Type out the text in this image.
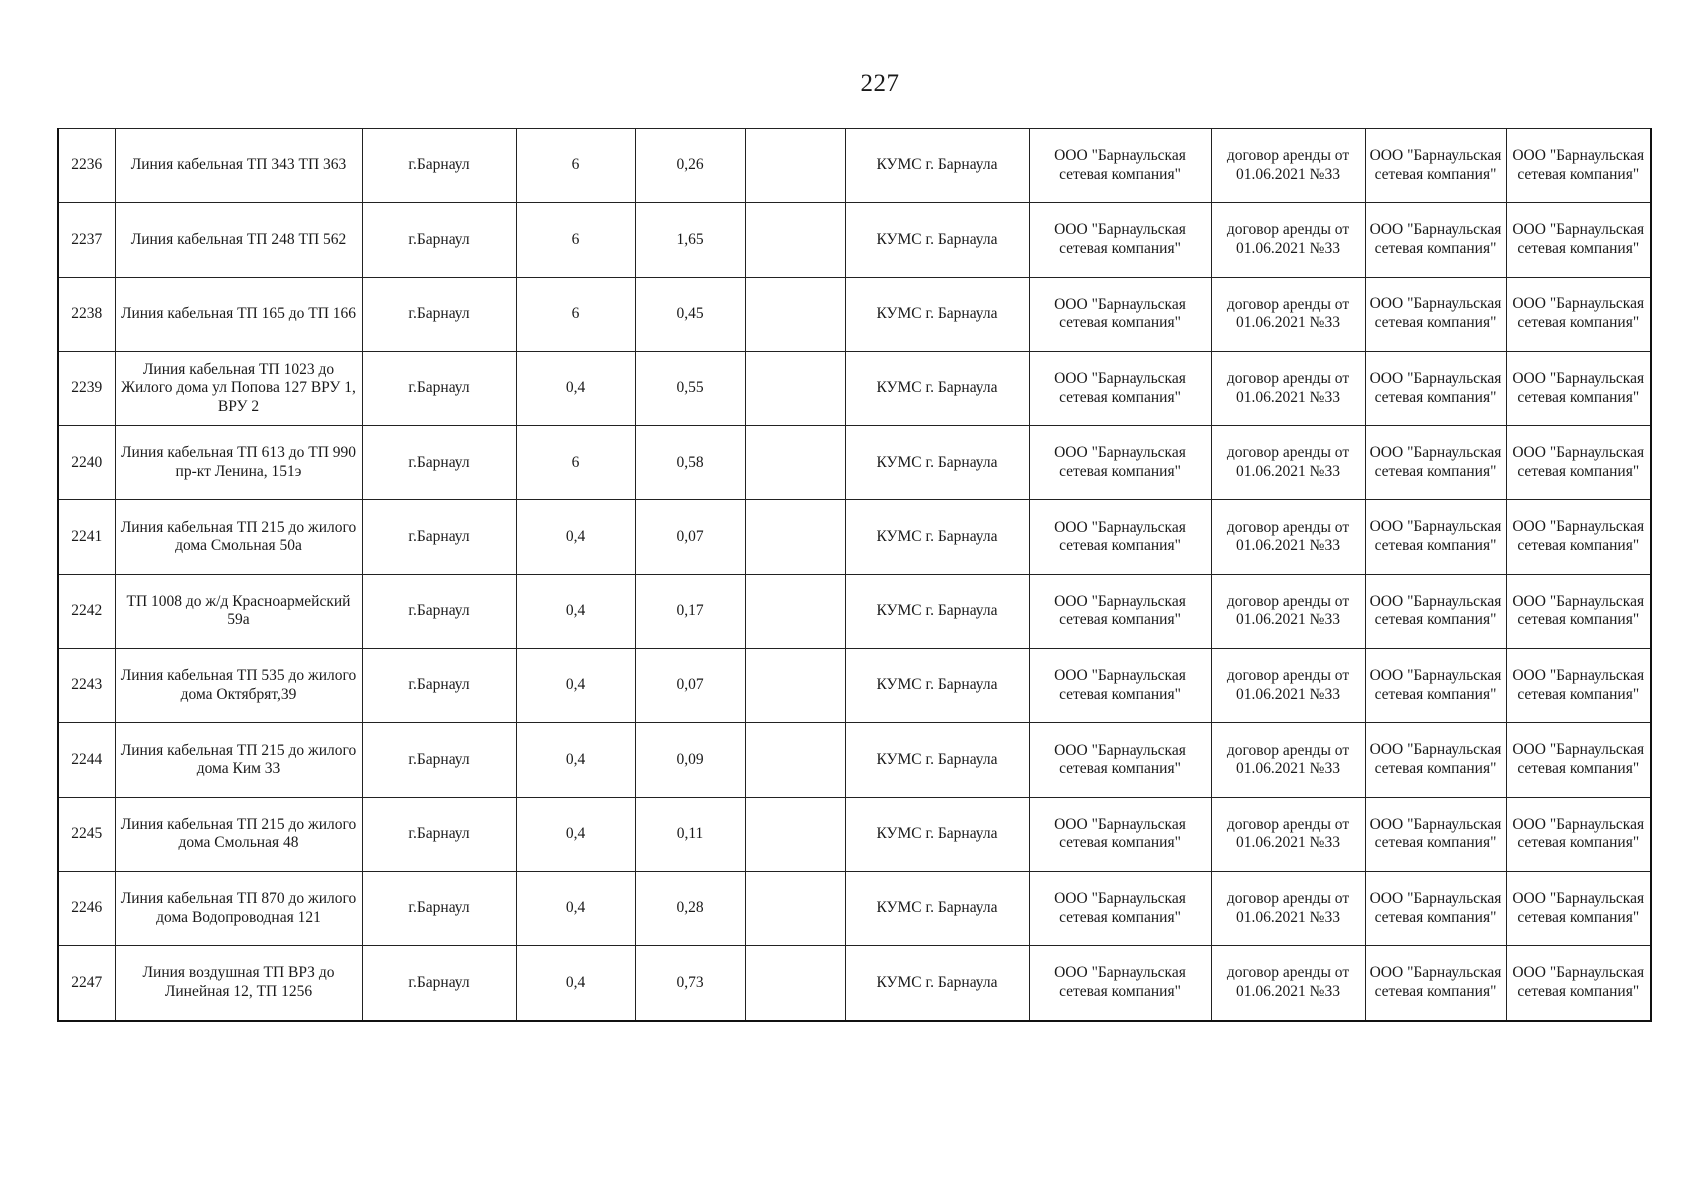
227
2236	Линия кабельная ТП 343 ТП 363	г.Барнаул	6	0,26		КУМС г. Барнаула	ООО "Барнаульская сетевая компания"	договор аренды от 01.06.2021 №33	ООО "Барнаульская сетевая компания"	ООО "Барнаульская сетевая компания"
2237	Линия кабельная ТП 248 ТП 562	г.Барнаул	6	1,65		КУМС г. Барнаула	ООО "Барнаульская сетевая компания"	договор аренды от 01.06.2021 №33	ООО "Барнаульская сетевая компания"	ООО "Барнаульская сетевая компания"
2238	Линия кабельная ТП 165 до ТП 166	г.Барнаул	6	0,45		КУМС г. Барнаула	ООО "Барнаульская сетевая компания"	договор аренды от 01.06.2021 №33	ООО "Барнаульская сетевая компания"	ООО "Барнаульская сетевая компания"
2239	Линия кабельная ТП 1023 до Жилого дома ул Попова 127 ВРУ 1, ВРУ 2	г.Барнаул	0,4	0,55		КУМС г. Барнаула	ООО "Барнаульская сетевая компания"	договор аренды от 01.06.2021 №33	ООО "Барнаульская сетевая компания"	ООО "Барнаульская сетевая компания"
2240	Линия кабельная ТП 613 до ТП 990 пр-кт Ленина, 151э	г.Барнаул	6	0,58		КУМС г. Барнаула	ООО "Барнаульская сетевая компания"	договор аренды от 01.06.2021 №33	ООО "Барнаульская сетевая компания"	ООО "Барнаульская сетевая компания"
2241	Линия кабельная ТП 215 до жилого дома Смольная 50а	г.Барнаул	0,4	0,07		КУМС г. Барнаула	ООО "Барнаульская сетевая компания"	договор аренды от 01.06.2021 №33	ООО "Барнаульская сетевая компания"	ООО "Барнаульская сетевая компания"
2242	ТП 1008 до ж/д Красноармейский 59а	г.Барнаул	0,4	0,17		КУМС г. Барнаула	ООО "Барнаульская сетевая компания"	договор аренды от 01.06.2021 №33	ООО "Барнаульская сетевая компания"	ООО "Барнаульская сетевая компания"
2243	Линия кабельная ТП 535 до жилого дома Октябрят,39	г.Барнаул	0,4	0,07		КУМС г. Барнаула	ООО "Барнаульская сетевая компания"	договор аренды от 01.06.2021 №33	ООО "Барнаульская сетевая компания"	ООО "Барнаульская сетевая компания"
2244	Линия кабельная ТП 215 до жилого дома Ким 33	г.Барнаул	0,4	0,09		КУМС г. Барнаула	ООО "Барнаульская сетевая компания"	договор аренды от 01.06.2021 №33	ООО "Барнаульская сетевая компания"	ООО "Барнаульская сетевая компания"
2245	Линия кабельная ТП 215 до жилого дома Смольная 48	г.Барнаул	0,4	0,11		КУМС г. Барнаула	ООО "Барнаульская сетевая компания"	договор аренды от 01.06.2021 №33	ООО "Барнаульская сетевая компания"	ООО "Барнаульская сетевая компания"
2246	Линия кабельная ТП 870 до жилого дома Водопроводная 121	г.Барнаул	0,4	0,28		КУМС г. Барнаула	ООО "Барнаульская сетевая компания"	договор аренды от 01.06.2021 №33	ООО "Барнаульская сетевая компания"	ООО "Барнаульская сетевая компания"
2247	Линия воздушная ТП ВРЗ до Линейная 12, ТП 1256	г.Барнаул	0,4	0,73		КУМС г. Барнаула	ООО "Барнаульская сетевая компания"	договор аренды от 01.06.2021 №33	ООО "Барнаульская сетевая компания"	ООО "Барнаульская сетевая компания"
